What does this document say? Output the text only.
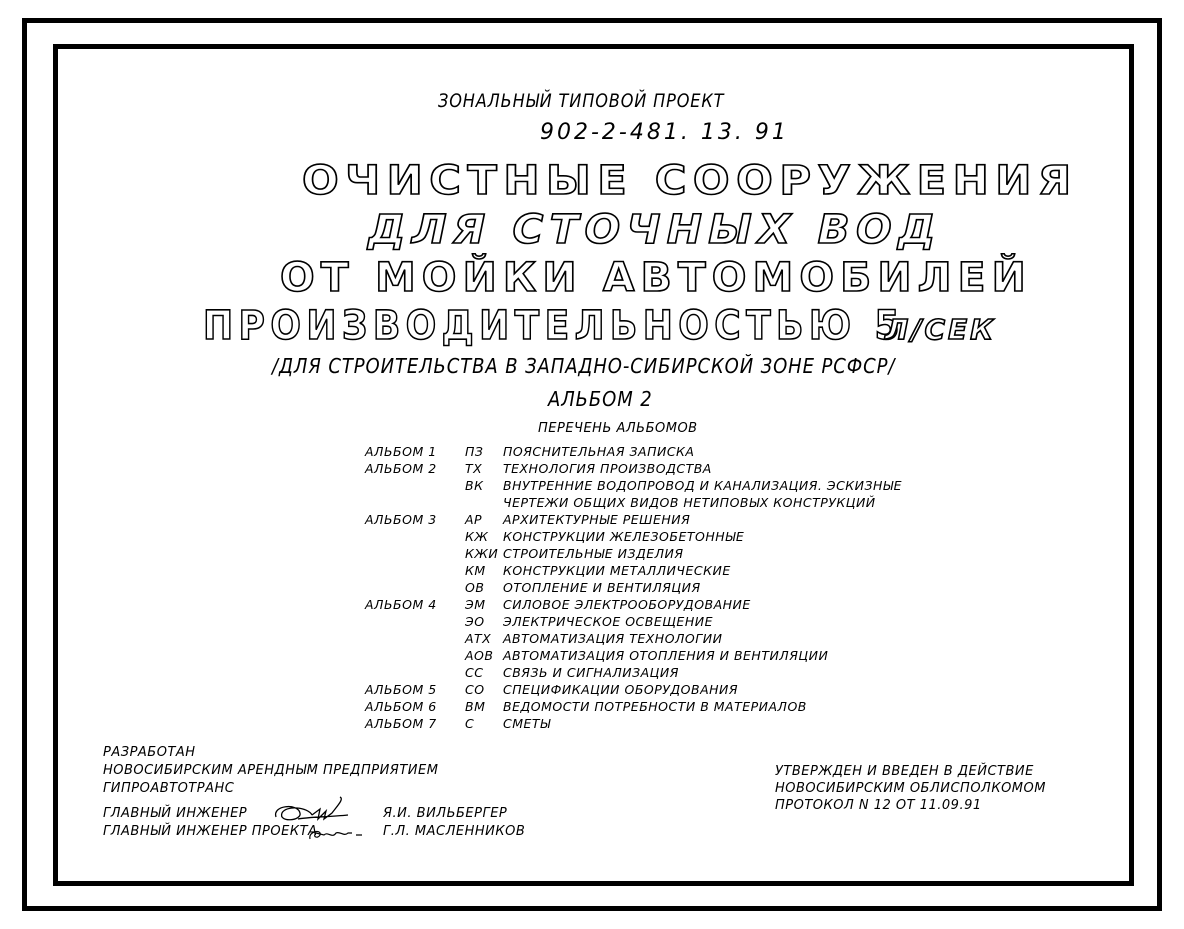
ЗОНАЛЬНЫЙ ТИПОВОЙ ПРОЕКТ
902-2-481. 13. 91
ОЧИСТНЫЕ СООРУЖЕНИЯ
ДЛЯ СТОЧНЫХ ВОД
ОТ МОЙКИ АВТОМОБИЛЕЙ
ПРОИЗВОДИТЕЛЬНОСТЬЮ 5
Л/СЕК
/ДЛЯ СТРОИТЕЛЬСТВА В ЗАПАДНО-СИБИРСКОЙ ЗОНЕ РСФСР/
АЛЬБОМ 2
ПЕРЕЧЕНЬ АЛЬБОМОВ
АЛЬБОМ 1 ПЗ ПОЯСНИТЕЛЬНАЯ ЗАПИСКА
АЛЬБОМ 2 ТХ ТЕХНОЛОГИЯ ПРОИЗВОДСТВА
ВК ВНУТРЕННИЕ ВОДОПРОВОД И КАНАЛИЗАЦИЯ. ЭСКИЗНЫЕ
ЧЕРТЕЖИ ОБЩИХ ВИДОВ НЕТИПОВЫХ КОНСТРУКЦИЙ
АЛЬБОМ 3 АР АРХИТЕКТУРНЫЕ РЕШЕНИЯ
КЖ КОНСТРУКЦИИ ЖЕЛЕЗОБЕТОННЫЕ
КЖИ СТРОИТЕЛЬНЫЕ ИЗДЕЛИЯ
КМ КОНСТРУКЦИИ МЕТАЛЛИЧЕСКИЕ
ОВ ОТОПЛЕНИЕ И ВЕНТИЛЯЦИЯ
АЛЬБОМ 4 ЭМ СИЛОВОЕ ЭЛЕКТРООБОРУДОВАНИЕ
ЭО ЭЛЕКТРИЧЕСКОЕ ОСВЕЩЕНИЕ
АТХ АВТОМАТИЗАЦИЯ ТЕХНОЛОГИИ
АОВ АВТОМАТИЗАЦИЯ ОТОПЛЕНИЯ И ВЕНТИЛЯЦИИ
СС СВЯЗЬ И СИГНАЛИЗАЦИЯ
АЛЬБОМ 5 СО СПЕЦИФИКАЦИИ ОБОРУДОВАНИЯ
АЛЬБОМ 6 ВМ ВЕДОМОСТИ ПОТРЕБНОСТИ В МАТЕРИАЛОВ
АЛЬБОМ 7 С СМЕТЫ
РАЗРАБОТАН
НОВОСИБИРСКИМ АРЕНДНЫМ ПРЕДПРИЯТИЕМ
ГИПРОАВТОТРАНС
ГЛАВНЫЙ ИНЖЕНЕР	Я.И. ВИЛЬБЕРГЕР
ГЛАВНЫЙ ИНЖЕНЕР ПРОЕКТА	Г.Л. МАСЛЕННИКОВ
УТВЕРЖДЕН И ВВЕДЕН В ДЕЙСТВИЕ
НОВОСИБИРСКИМ ОБЛИСПОЛКОМОМ
ПРОТОКОЛ N 12 ОТ 11.09.91
